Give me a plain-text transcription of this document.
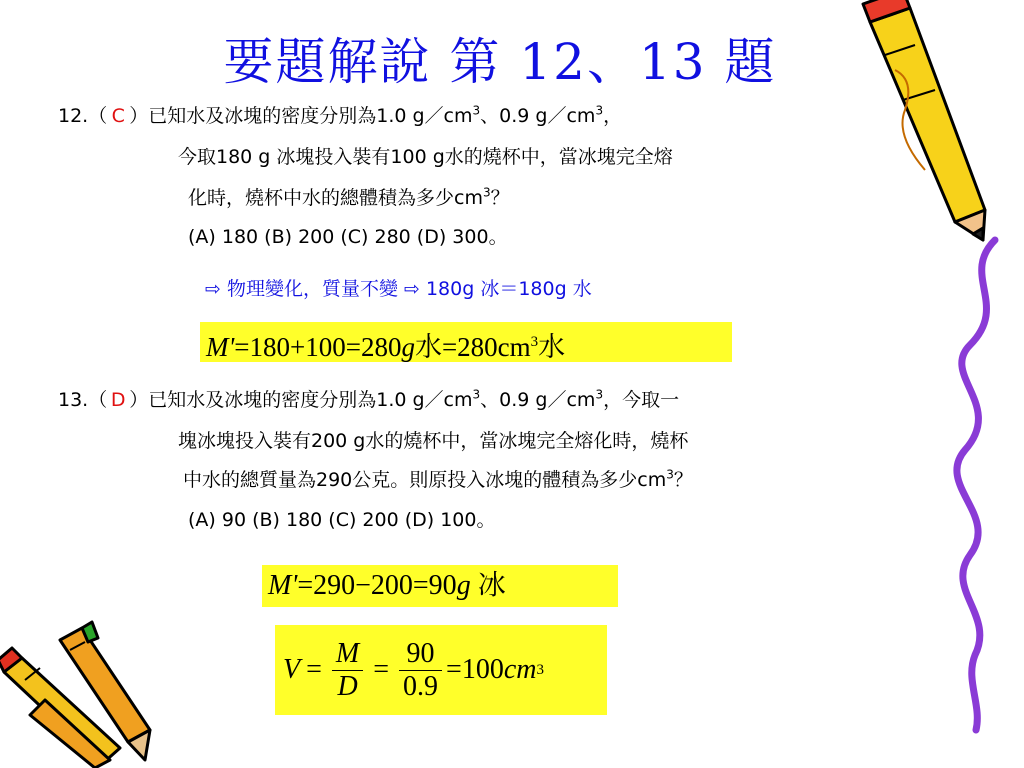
要題解說 第 12、13 題
12.（ C ）已知水及冰塊的密度分別為1.0 $g/cm^3$、0.9 $g/cm^3$，
今取180 g 冰塊投入裝有100 g水的燒杯中，當冰塊完全熔
化時，燒杯中水的總體積為多少$cm^3$？
(A) 180 (B) 200 (C) 280 (D) 300。
⇨ 物理變化，質量不變 ⇨ 180g 冰＝180g 水
M'=180+100=280g水$=280cm^3$水
13.（ D ）已知水及冰塊的密度分別為1.0 $g/cm^3$、0.9 $g/cm^3$，今取一
塊冰塊投入裝有200 g水的燒杯中，當冰塊完全熔化時，燒杯
中水的總質量為290公克。則原投入冰塊的體積為多少$cm^3$？
(A) 90 (B) 180 (C) 200 (D) 100。
M'=290−200=90g 冰
$V = \frac{M}{D} = \frac{90}{0.9} =100$ cm 3
